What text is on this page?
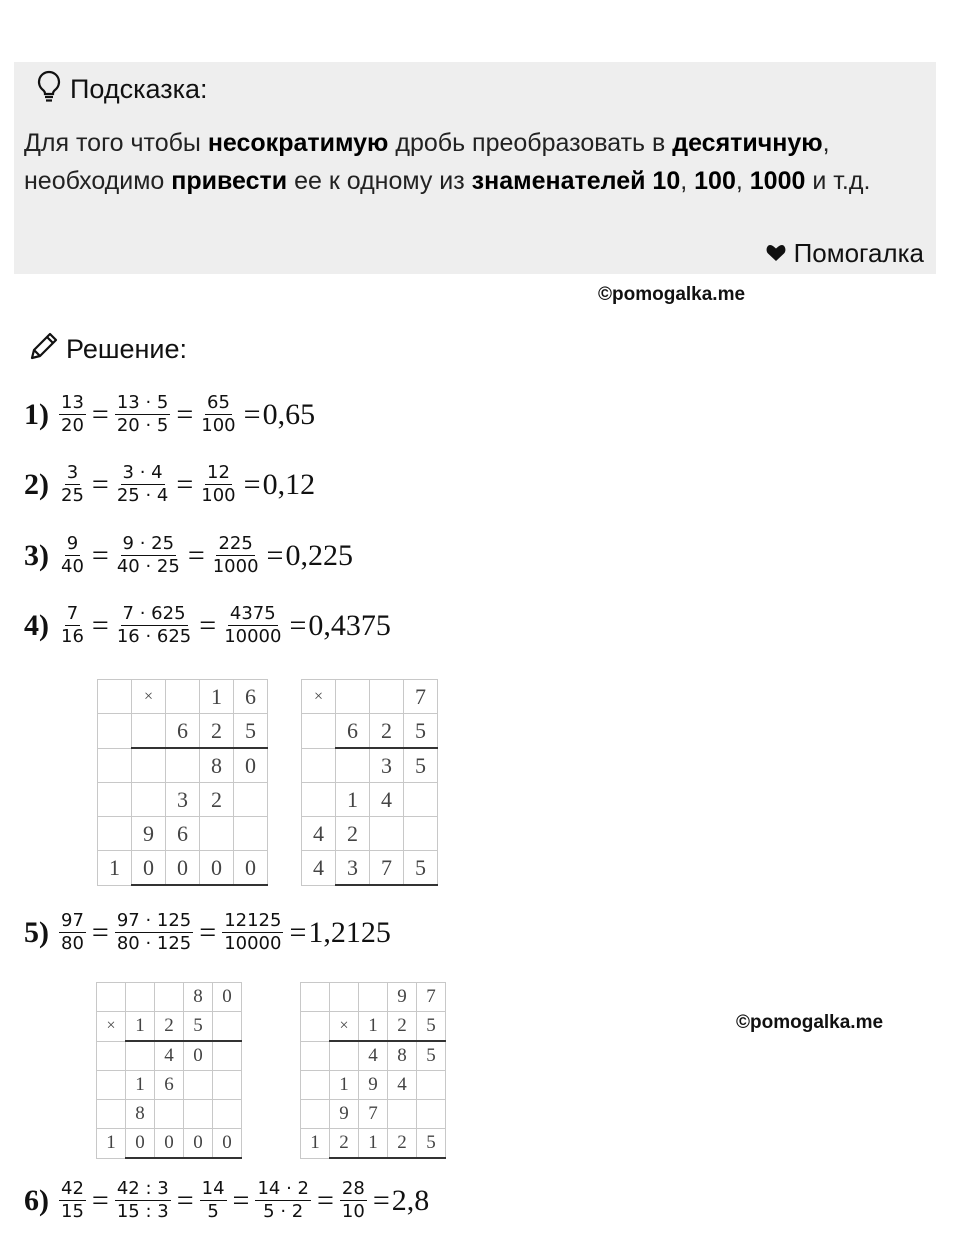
Подсказка:
Для того чтобы несократимую дробь преобразовать в десятичную, необходимо привести ее к одному из знаменателей 10, 100, 1000 и т.д.
Помогалка
©pomogalka.me
©pomogalka.me
Решение:
$1) \frac{13}{20} = \frac{13 \cdot 5}{20 \cdot 5} = \frac{65}{100} = 0,65$
$2) \frac{3}{25} = \frac{3 \cdot 4}{25 \cdot 4} = \frac{12}{100} = 0,12$
$3) \frac{9}{40} = \frac{9 \cdot 25}{40 \cdot 25} = \frac{225}{1000} = 0,225$
$4) \frac{7}{16} = \frac{7 \cdot 625}{16 \cdot 625} = \frac{4375}{10000} = 0,4375$
$5) \frac{97}{80} = \frac{97 \cdot 125}{80 \cdot 125} = \frac{12125}{10000} = 1,2125$
$6) \frac{42}{15} = \frac{42 : 3}{15 : 3} = \frac{14}{5} = \frac{14 \cdot 2}{5 \cdot 2} = \frac{28}{10} = 2,8$
	×		1	6
		6	2	5
			8	0
		3	2	
	9	6		
1	0	0	0	0
×			7
	6	2	5
		3	5
	1	4	
4	2		
4	3	7	5
			8	0
×	1	2	5	
		4	0	
	1	6		
	8			
1	0	0	0	0
			9	7
	×	1	2	5
		4	8	5
	1	9	4	
	9	7		
1	2	1	2	5
